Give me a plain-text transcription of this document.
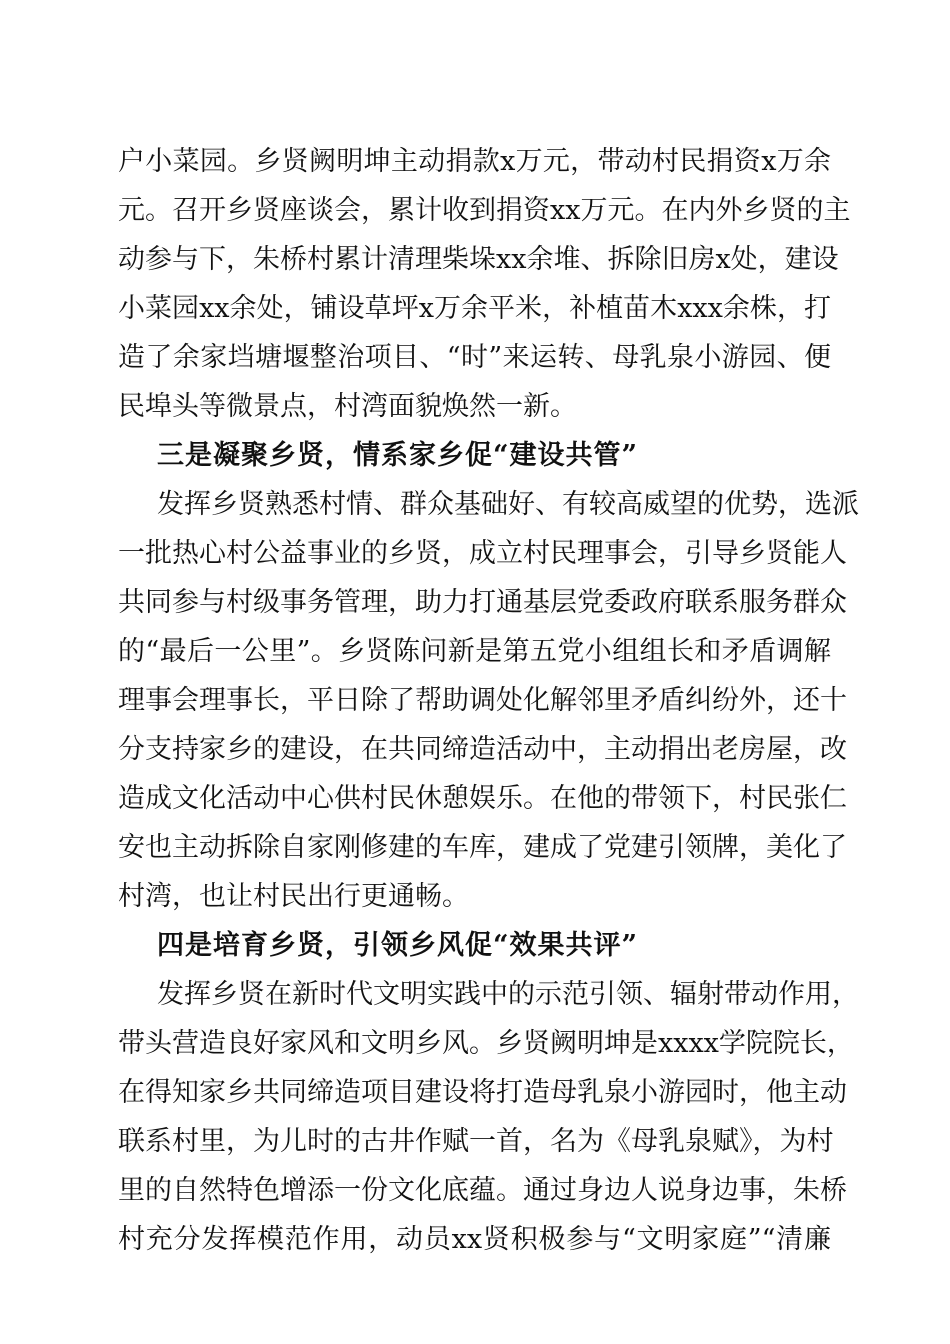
户小菜园。乡贤阙明坤主动捐款x万元，带动村民捐资x万余
元。召开乡贤座谈会，累计收到捐资xx万元。在内外乡贤的主
动参与下，朱桥村累计清理柴垛xx余堆、拆除旧房x处，建设
小菜园xx余处，铺设草坪x万余平米，补植苗木xxx余株，打
造了余家垱塘堰整治项目、“时”来运转、母乳泉小游园、便
民埠头等微景点，村湾面貌焕然一新。
三是凝聚乡贤，情系家乡促“建设共管”
发挥乡贤熟悉村情、群众基础好、有较高威望的优势，选派
一批热心村公益事业的乡贤，成立村民理事会，引导乡贤能人
共同参与村级事务管理，助力打通基层党委政府联系服务群众
的“最后一公里”。乡贤陈问新是第五党小组组长和矛盾调解
理事会理事长，平日除了帮助调处化解邻里矛盾纠纷外，还十
分支持家乡的建设，在共同缔造活动中，主动捐出老房屋，改
造成文化活动中心供村民休憩娱乐。在他的带领下，村民张仁
安也主动拆除自家刚修建的车库，建成了党建引领牌，美化了
村湾，也让村民出行更通畅。
四是培育乡贤，引领乡风促“效果共评”
发挥乡贤在新时代文明实践中的示范引领、辐射带动作用，
带头营造良好家风和文明乡风。乡贤阙明坤是xxxx学院院长，
在得知家乡共同缔造项目建设将打造母乳泉小游园时，他主动
联系村里，为儿时的古井作赋一首，名为《母乳泉赋》，为村
里的自然特色增添一份文化底蕴。通过身边人说身边事，朱桥
村充分发挥模范作用，动员xx贤积极参与“文明家庭”“清廉
